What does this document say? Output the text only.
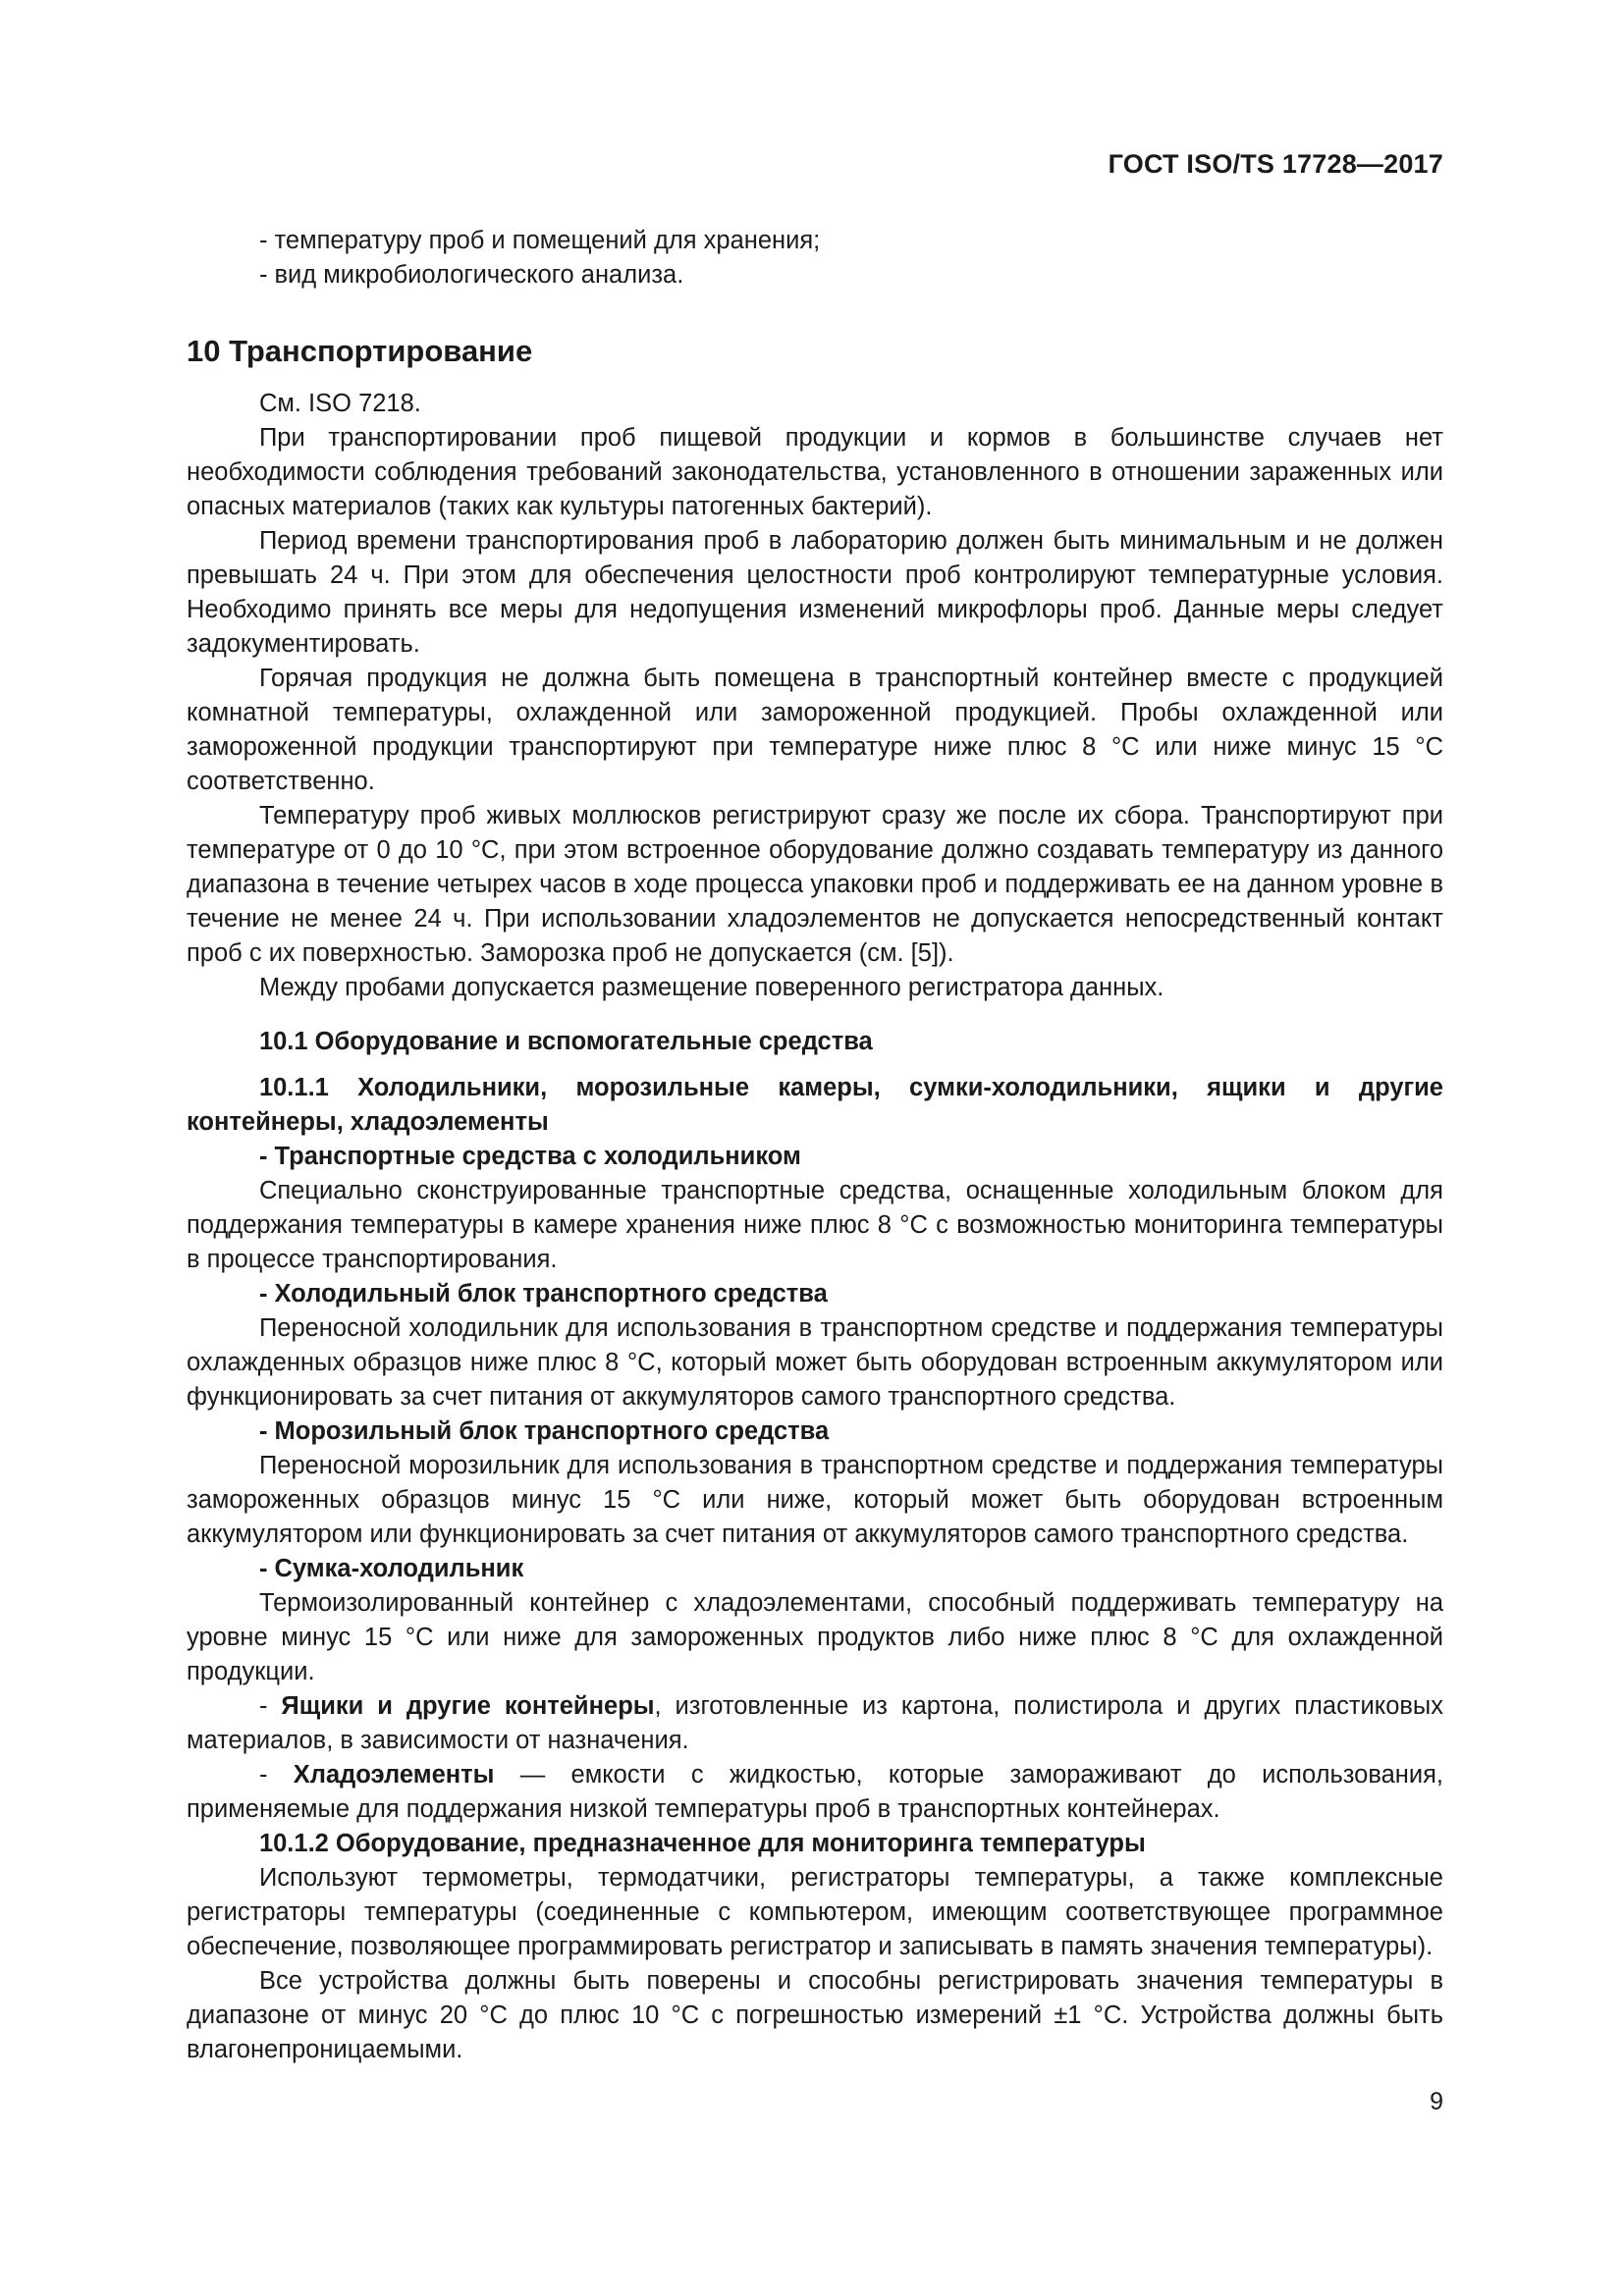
ГОСТ ISO/TS 17728—2017

- температуру проб и помещений для хранения;

- вид микробиологического анализа.

10 Транспортирование

См. ISO 7218.

При транспортировании проб пищевой продукции и кормов в большинстве случаев нет необходимости соблюдения требований законодательства, установленного в отношении зараженных или опасных материалов (таких как культуры патогенных бактерий).

Период времени транспортирования проб в лабораторию должен быть минимальным и не должен превышать 24 ч. При этом для обеспечения целостности проб контролируют температурные условия. Необходимо принять все меры для недопущения изменений микрофлоры проб. Данные меры следует задокументировать.

Горячая продукция не должна быть помещена в транспортный контейнер вместе с продукцией комнатной температуры, охлажденной или замороженной продукцией. Пробы охлажденной или замороженной продукции транспортируют при температуре ниже плюс 8 °С или ниже минус 15 °С соответственно.

Температуру проб живых моллюсков регистрируют сразу же после их сбора. Транспортируют при температуре от 0 до 10 °С, при этом встроенное оборудование должно создавать температуру из данного диапазона в течение четырех часов в ходе процесса упаковки проб и поддерживать ее на данном уровне в течение не менее 24 ч. При использовании хладоэлементов не допускается непосредственный контакт проб с их поверхностью. Заморозка проб не допускается (см. [5]).

Между пробами допускается размещение поверенного регистратора данных.

10.1 Оборудование и вспомогательные средства

10.1.1 Холодильники, морозильные камеры, сумки-холодильники, ящики и другие контейнеры, хладоэлементы

- Транспортные средства с холодильником

Специально сконструированные транспортные средства, оснащенные холодильным блоком для поддержания температуры в камере хранения ниже плюс 8 °С с возможностью мониторинга температуры в процессе транспортирования.

- Холодильный блок транспортного средства

Переносной холодильник для использования в транспортном средстве и поддержания температуры охлажденных образцов ниже плюс 8 °С, который может быть оборудован встроенным аккумулятором или функционировать за счет питания от аккумуляторов самого транспортного средства.

- Морозильный блок транспортного средства

Переносной морозильник для использования в транспортном средстве и поддержания температуры замороженных образцов минус 15 °С или ниже, который может быть оборудован встроенным аккумулятором или функционировать за счет питания от аккумуляторов самого транспортного средства.

- Сумка-холодильник

Термоизолированный контейнер с хладоэлементами, способный поддерживать температуру на уровне минус 15 °С или ниже для замороженных продуктов либо ниже плюс 8 °С для охлажденной продукции.

- Ящики и другие контейнеры, изготовленные из картона, полистирола и других пластиковых материалов, в зависимости от назначения.

- Хладоэлементы — емкости с жидкостью, которые замораживают до использования, применяемые для поддержания низкой температуры проб в транспортных контейнерах.

10.1.2 Оборудование, предназначенное для мониторинга температуры

Используют термометры, термодатчики, регистраторы температуры, а также комплексные регистраторы температуры (соединенные с компьютером, имеющим соответствующее программное обеспечение, позволяющее программировать регистратор и записывать в память значения температуры).

Все устройства должны быть поверены и способны регистрировать значения температуры в диапазоне от минус 20 °С до плюс 10 °С с погрешностью измерений ±1 °С. Устройства должны быть влагонепроницаемыми.

9
